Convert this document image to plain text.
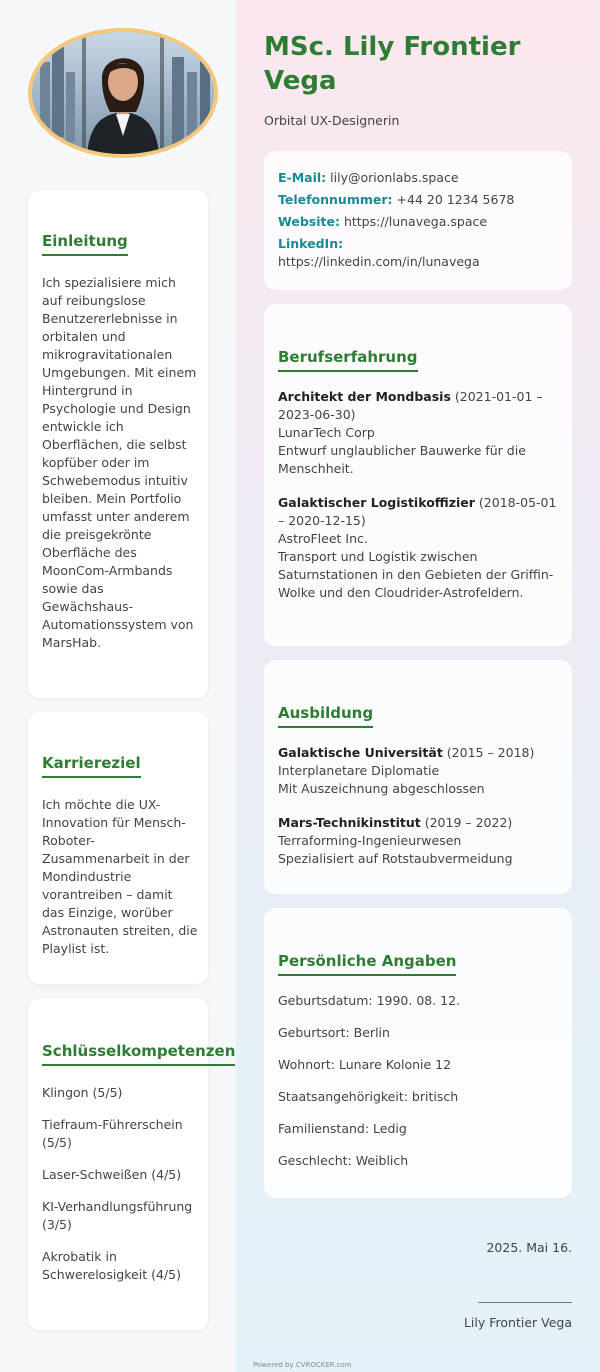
Einleitung
Ich spezialisiere mich auf reibungslose Benutzererlebnisse in orbitalen und mikrogravitationalen Umgebungen. Mit einem Hintergrund in Psychologie und Design entwickle ich Oberflächen, die selbst kopfüber oder im Schwebemodus intuitiv bleiben. Mein Portfolio umfasst unter anderem die preisgekrönte Oberfläche des MoonCom-Armbands sowie das Gewächshaus-Automationssystem von MarsHab.
Karriereziel
Ich möchte die UX-Innovation für Mensch-Roboter-Zusammenarbeit in der Mondindustrie vorantreiben – damit das Einzige, worüber Astronauten streiten, die Playlist ist.
Schlüsselkompetenzen
Klingon (5/5)
Tiefraum-Führerschein (5/5)
Laser-Schweißen (4/5)
KI-Verhandlungsführung (3/5)
Akrobatik in Schwerelosigkeit (4/5)
MSc. Lily Frontier Vega
Orbital UX-Designerin
E-Mail: lily@orionlabs.space
Telefonnummer: +44 20 1234 5678
Website: https://lunavega.space
LinkedIn:
https://linkedin.com/in/lunavega
Berufserfahrung
Architekt der Mondbasis (2021-01-01 – 2023-06-30)
LunarTech Corp
Entwurf unglaublicher Bauwerke für die Menschheit.
Galaktischer Logistikoffizier (2018-05-01 – 2020-12-15)
AstroFleet Inc.
Transport und Logistik zwischen Saturnstationen in den Gebieten der Griffin-Wolke und den Cloudrider-Astrofeldern.
Ausbildung
Galaktische Universität (2015 – 2018)
Interplanetare Diplomatie
Mit Auszeichnung abgeschlossen
Mars-Technikinstitut (2019 – 2022)
Terraforming-Ingenieurwesen
Spezialisiert auf Rotstaubvermeidung
Persönliche Angaben
Geburtsdatum: 1990. 08. 12.
Geburtsort: Berlin
Wohnort: Lunare Kolonie 12
Staatsangehörigkeit: britisch
Familienstand: Ledig
Geschlecht: Weiblich
2025. Mai 16.
_______________
Lily Frontier Vega
Powered by CVROCKER.com
